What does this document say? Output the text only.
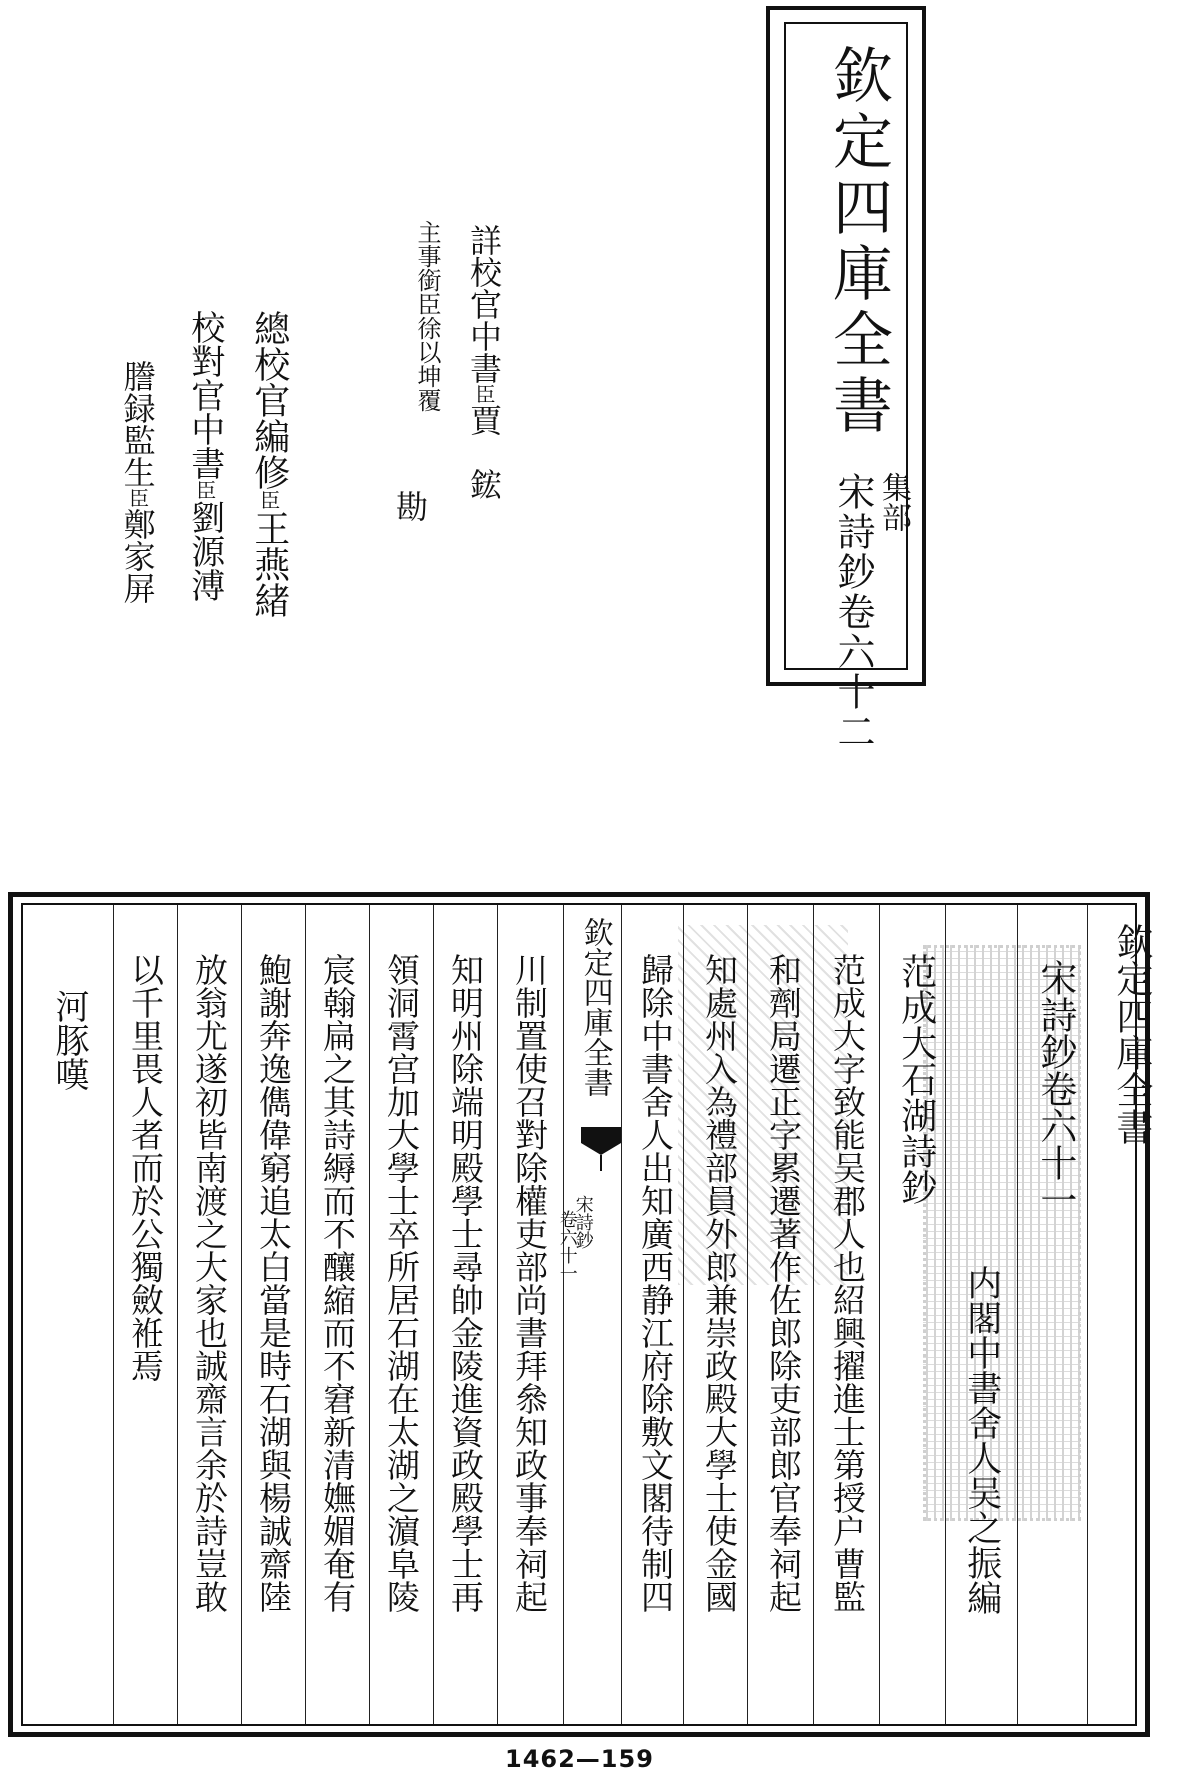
欽定四庫全書
集部
宋詩鈔卷六十二
詳校官中書臣賈　鋐
主事銜臣徐以坤覆
勘
總校官編修臣王燕緒
校對官中書臣劉源溥
謄録監生臣鄭家屏
欽定四庫全書
宋詩鈔卷六十一
内閣中書舍人吴之振編
范成大石湖詩鈔
范成大字致能吴郡人也紹興擢進士第授户曹監
和劑局遷正字累遷著作佐郎除吏部郎官奉祠起
知處州入為禮部員外郎兼崇政殿大學士使金國
歸除中書舍人出知廣西静江府除敷文閣待制四
欽定四庫全書
宋詩鈔
卷六十一
川制置使召對除權吏部尚書拜叅知政事奉祠起
知明州除端明殿學士尋帥金陵進資政殿學士再
領洞霄宫加大學士卒所居石湖在太湖之濵阜陵
宸翰扁之其詩縟而不釀縮而不窘新清嫵媚奄有
鮑謝奔逸儁偉窮追太白當是時石湖與楊誠齋陸
放翁尤遂初皆南渡之大家也誠齋言余於詩豈敢
以千里畏人者而於公獨斂袵焉
河豚嘆
1462—159
